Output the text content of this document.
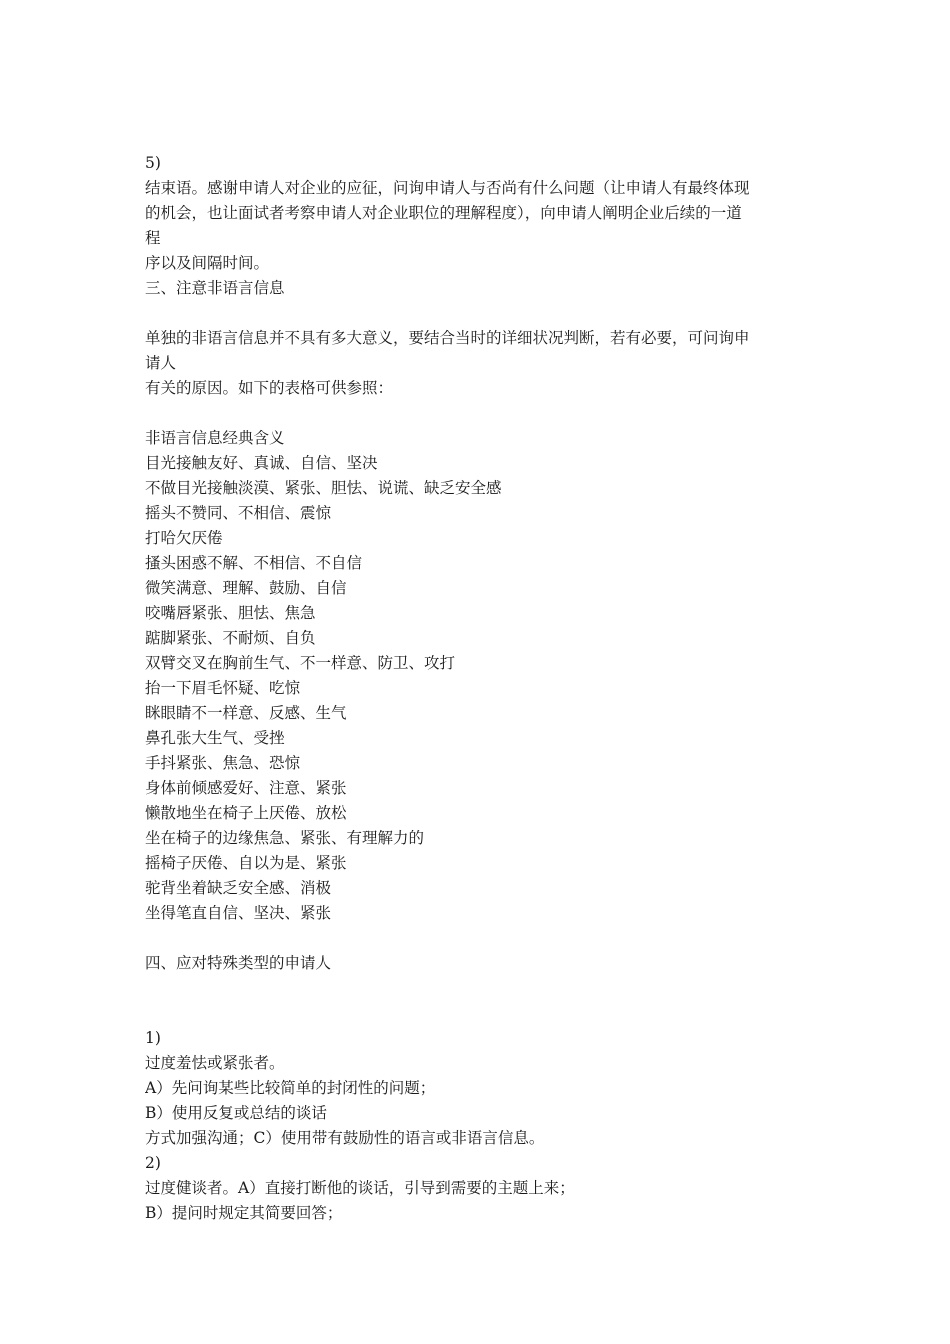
5)
结束语。感谢申请人对企业的应征，问询申请人与否尚有什么问题（让申请人有最终体现
的机会，也让面试者考察申请人对企业职位的理解程度），向申请人阐明企业后续的一道
程
序以及间隔时间。
三、注意非语言信息
单独的非语言信息并不具有多大意义，要结合当时的详细状况判断，若有必要，可问询申
请人
有关的原因。如下的表格可供参照：
非语言信息经典含义
目光接触友好、真诚、自信、坚决
不做目光接触淡漠、紧张、胆怯、说谎、缺乏安全感
摇头不赞同、不相信、震惊
打哈欠厌倦
搔头困惑不解、不相信、不自信
微笑满意、理解、鼓励、自信
咬嘴唇紧张、胆怯、焦急
踮脚紧张、不耐烦、自负
双臂交叉在胸前生气、不一样意、防卫、攻打
抬一下眉毛怀疑、吃惊
眯眼睛不一样意、反感、生气
鼻孔张大生气、受挫
手抖紧张、焦急、恐惊
身体前倾感爱好、注意、紧张
懒散地坐在椅子上厌倦、放松
坐在椅子的边缘焦急、紧张、有理解力的
摇椅子厌倦、自以为是、紧张
驼背坐着缺乏安全感、消极
坐得笔直自信、坚决、紧张
四、应对特殊类型的申请人
1)
过度羞怯或紧张者。
A）先问询某些比较简单的封闭性的问题；
B）使用反复或总结的谈话
方式加强沟通；C）使用带有鼓励性的语言或非语言信息。
2)
过度健谈者。A）直接打断他的谈话，引导到需要的主题上来；
B）提问时规定其简要回答；
